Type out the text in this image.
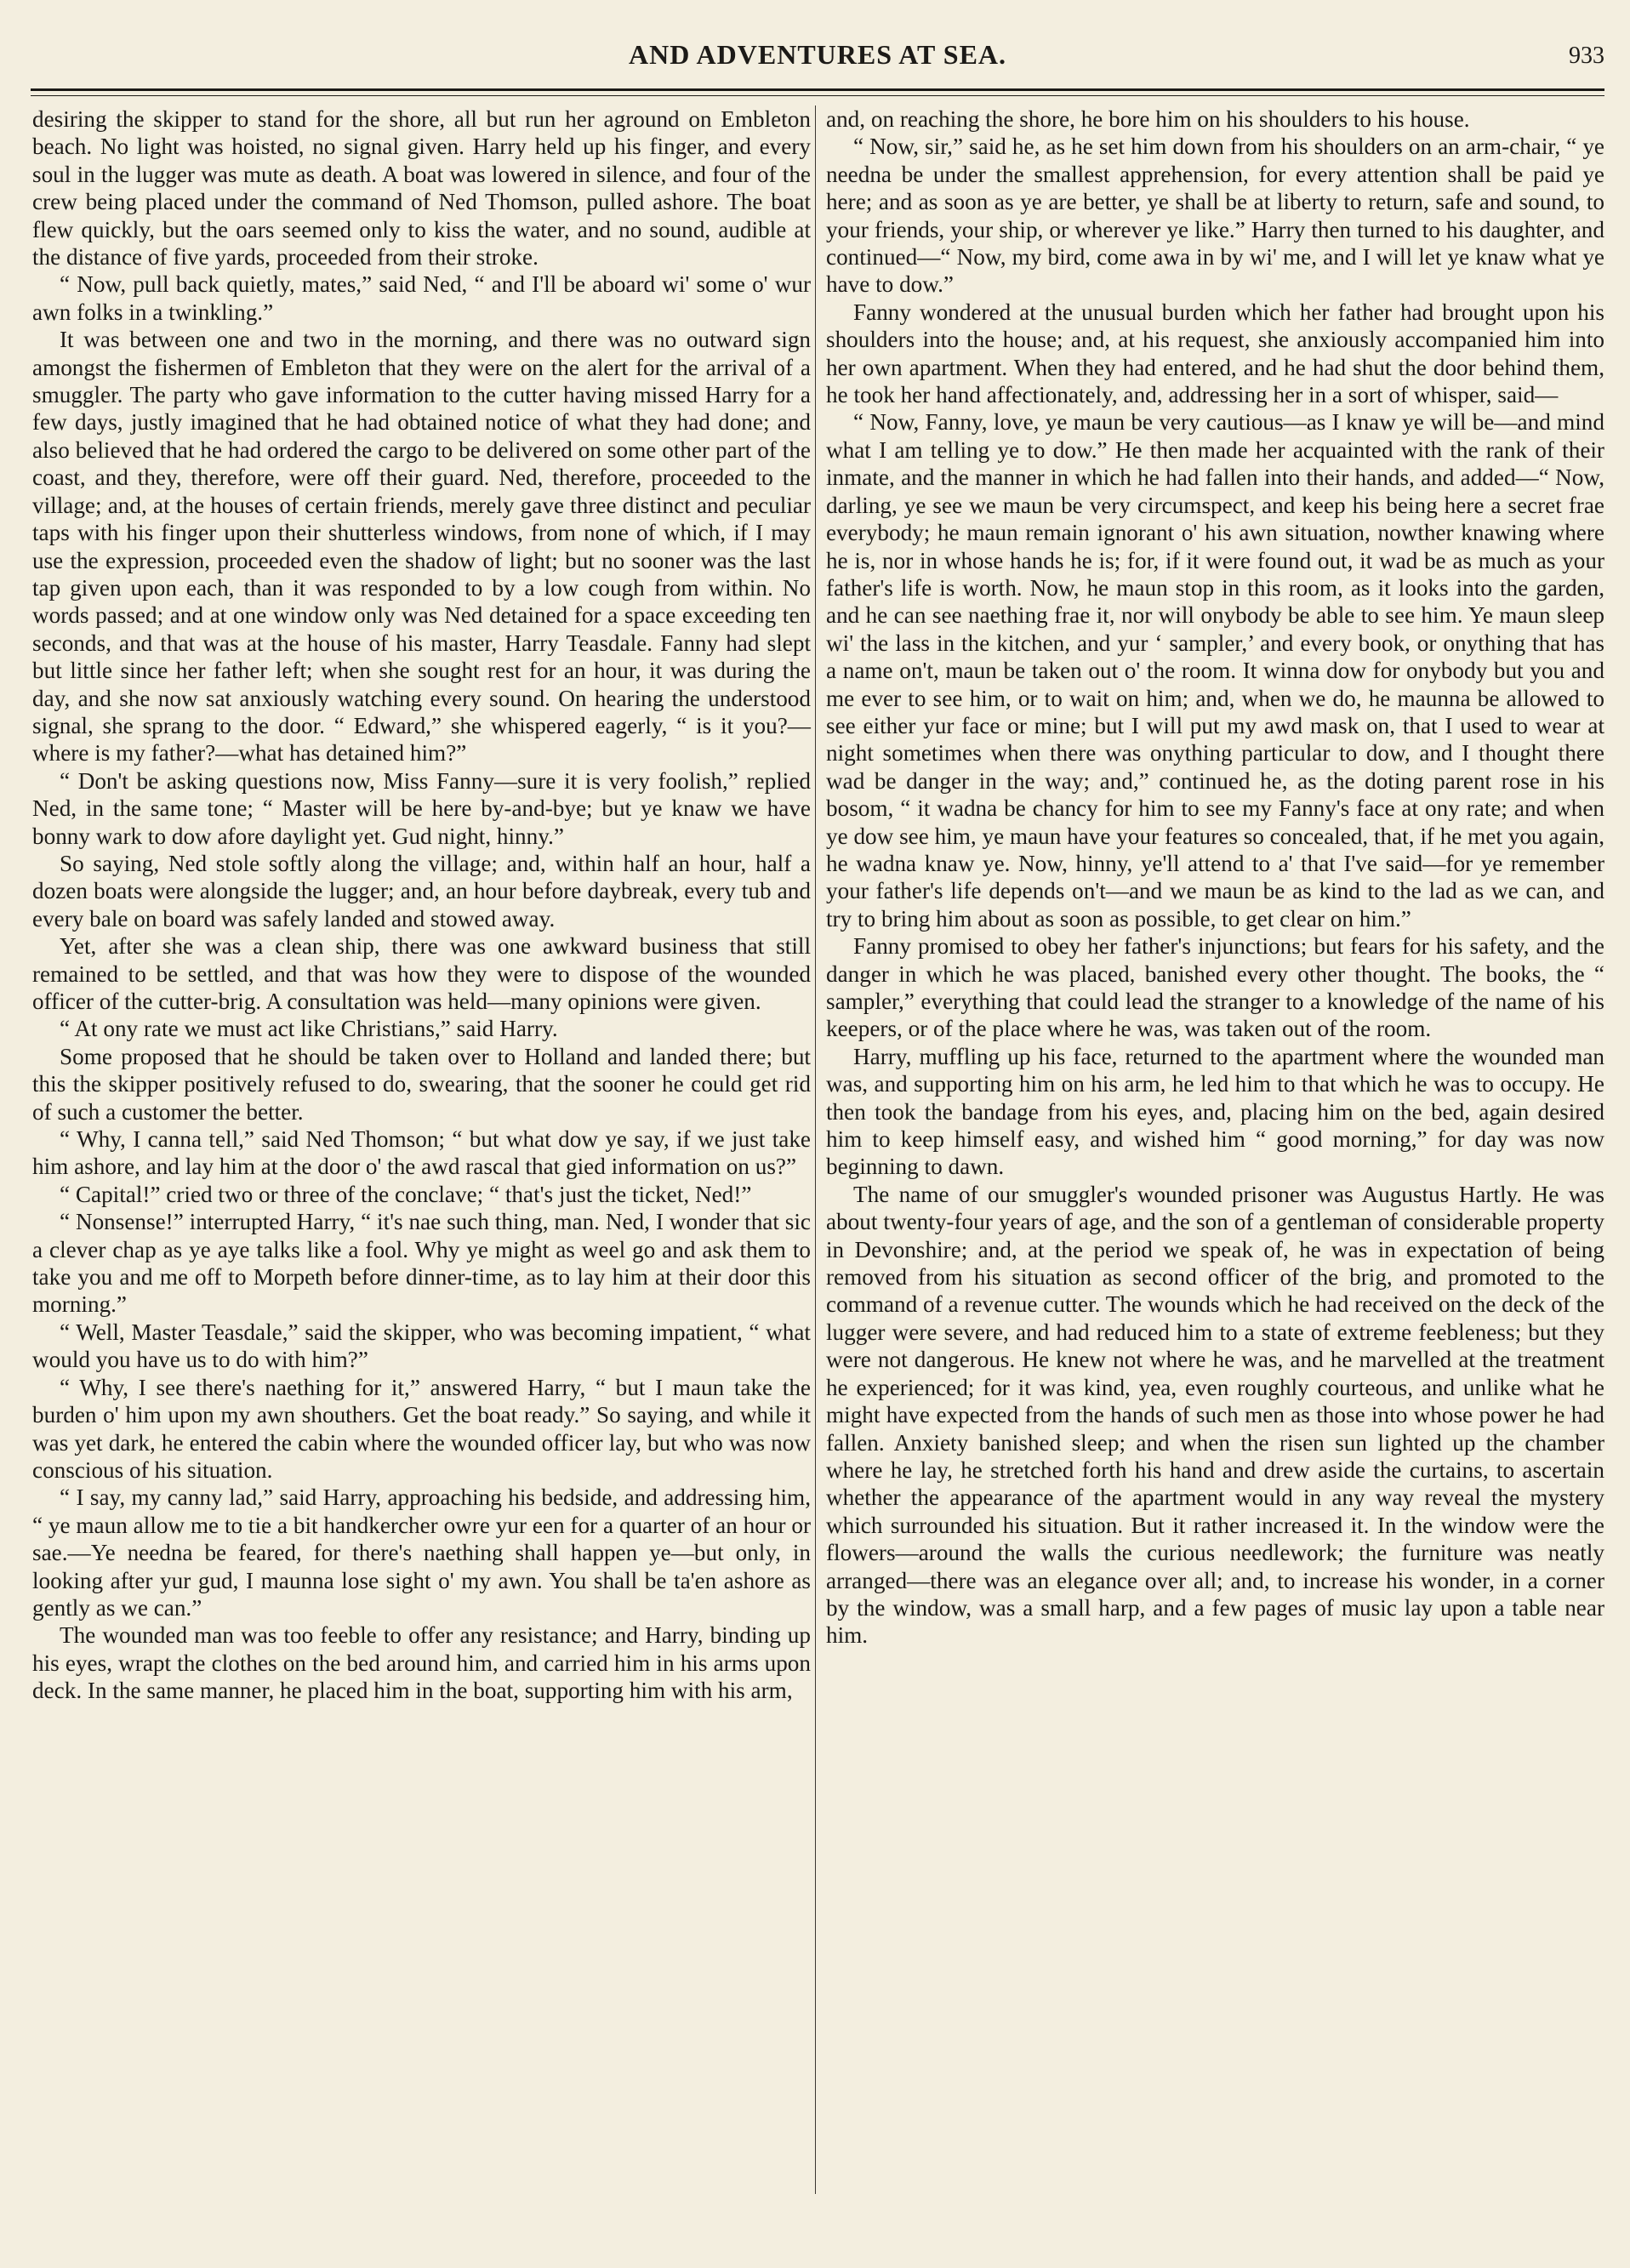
AND ADVENTURES AT SEA.	933

desiring the skipper to stand for the shore, all but run her aground on Embleton beach. No light was hoisted, no signal given. Harry held up his finger, and every soul in the lugger was mute as death. A boat was lowered in silence, and four of the crew being placed under the command of Ned Thomson, pulled ashore. The boat flew quickly, but the oars seemed only to kiss the water, and no sound, audible at the distance of five yards, proceeded from their stroke.

“ Now, pull back quietly, mates,” said Ned, “ and I'll be aboard wi' some o' wur awn folks in a twinkling.”

It was between one and two in the morning, and there was no outward sign amongst the fishermen of Embleton that they were on the alert for the arrival of a smuggler. The party who gave information to the cutter having missed Harry for a few days, justly imagined that he had obtained notice of what they had done; and also believed that he had ordered the cargo to be delivered on some other part of the coast, and they, therefore, were off their guard. Ned, therefore, proceeded to the village; and, at the houses of certain friends, merely gave three distinct and peculiar taps with his finger upon their shutterless windows, from none of which, if I may use the expression, proceeded even the shadow of light; but no sooner was the last tap given upon each, than it was responded to by a low cough from within. No words passed; and at one window only was Ned detained for a space exceeding ten seconds, and that was at the house of his master, Harry Teasdale. Fanny had slept but little since her father left; when she sought rest for an hour, it was during the day, and she now sat anxiously watching every sound. On hearing the understood signal, she sprang to the door. “ Edward,” she whispered eagerly, “ is it you?—where is my father?—what has detained him?”

“ Don't be asking questions now, Miss Fanny—sure it is very foolish,” replied Ned, in the same tone; “ Master will be here by-and-bye; but ye knaw we have bonny wark to dow afore daylight yet. Gud night, hinny.”

So saying, Ned stole softly along the village; and, within half an hour, half a dozen boats were alongside the lugger; and, an hour before daybreak, every tub and every bale on board was safely landed and stowed away.

Yet, after she was a clean ship, there was one awkward business that still remained to be settled, and that was how they were to dispose of the wounded officer of the cutter-brig. A consultation was held—many opinions were given.

“ At ony rate we must act like Christians,” said Harry.

Some proposed that he should be taken over to Holland and landed there; but this the skipper positively refused to do, swearing, that the sooner he could get rid of such a customer the better.

“ Why, I canna tell,” said Ned Thomson; “ but what dow ye say, if we just take him ashore, and lay him at the door o' the awd rascal that gied information on us?”

“ Capital!” cried two or three of the conclave; “ that's just the ticket, Ned!”

“ Nonsense!” interrupted Harry, “ it's nae such thing, man. Ned, I wonder that sic a clever chap as ye aye talks like a fool. Why ye might as weel go and ask them to take you and me off to Morpeth before dinner-time, as to lay him at their door this morning.”

“ Well, Master Teasdale,” said the skipper, who was becoming impatient, “ what would you have us to do with him?”

“ Why, I see there's naething for it,” answered Harry, “ but I maun take the burden o' him upon my awn shouthers. Get the boat ready.” So saying, and while it was yet dark, he entered the cabin where the wounded officer lay, but who was now conscious of his situation.

“ I say, my canny lad,” said Harry, approaching his bedside, and addressing him, “ ye maun allow me to tie a bit handkercher owre yur een for a quarter of an hour or sae.—Ye needna be feared, for there's naething shall happen ye—but only, in looking after yur gud, I maunna lose sight o' my awn. You shall be ta'en ashore as gently as we can.”

The wounded man was too feeble to offer any resistance; and Harry, binding up his eyes, wrapt the clothes on the bed around him, and carried him in his arms upon deck. In the same manner, he placed him in the boat, supporting him with his arm,

and, on reaching the shore, he bore him on his shoulders to his house.

“ Now, sir,” said he, as he set him down from his shoulders on an arm-chair, “ ye needna be under the smallest apprehension, for every attention shall be paid ye here; and as soon as ye are better, ye shall be at liberty to return, safe and sound, to your friends, your ship, or wherever ye like.” Harry then turned to his daughter, and continued—“ Now, my bird, come awa in by wi' me, and I will let ye knaw what ye have to dow.”

Fanny wondered at the unusual burden which her father had brought upon his shoulders into the house; and, at his request, she anxiously accompanied him into her own apartment. When they had entered, and he had shut the door behind them, he took her hand affectionately, and, addressing her in a sort of whisper, said—

“ Now, Fanny, love, ye maun be very cautious—as I knaw ye will be—and mind what I am telling ye to dow.” He then made her acquainted with the rank of their inmate, and the manner in which he had fallen into their hands, and added—“ Now, darling, ye see we maun be very circumspect, and keep his being here a secret frae everybody; he maun remain ignorant o' his awn situation, nowther knawing where he is, nor in whose hands he is; for, if it were found out, it wad be as much as your father's life is worth. Now, he maun stop in this room, as it looks into the garden, and he can see naething frae it, nor will onybody be able to see him. Ye maun sleep wi' the lass in the kitchen, and yur ‘ sampler,’ and every book, or onything that has a name on't, maun be taken out o' the room. It winna dow for onybody but you and me ever to see him, or to wait on him; and, when we do, he maunna be allowed to see either yur face or mine; but I will put my awd mask on, that I used to wear at night sometimes when there was onything particular to dow, and I thought there wad be danger in the way; and,” continued he, as the doting parent rose in his bosom, “ it wadna be chancy for him to see my Fanny's face at ony rate; and when ye dow see him, ye maun have your features so concealed, that, if he met you again, he wadna knaw ye. Now, hinny, ye'll attend to a' that I've said—for ye remember your father's life depends on't—and we maun be as kind to the lad as we can, and try to bring him about as soon as possible, to get clear on him.”

Fanny promised to obey her father's injunctions; but fears for his safety, and the danger in which he was placed, banished every other thought. The books, the “ sampler,” everything that could lead the stranger to a knowledge of the name of his keepers, or of the place where he was, was taken out of the room.

Harry, muffling up his face, returned to the apartment where the wounded man was, and supporting him on his arm, he led him to that which he was to occupy. He then took the bandage from his eyes, and, placing him on the bed, again desired him to keep himself easy, and wished him “ good morning,” for day was now beginning to dawn.

The name of our smuggler's wounded prisoner was Augustus Hartly. He was about twenty-four years of age, and the son of a gentleman of considerable property in Devonshire; and, at the period we speak of, he was in expectation of being removed from his situation as second officer of the brig, and promoted to the command of a revenue cutter. The wounds which he had received on the deck of the lugger were severe, and had reduced him to a state of extreme feebleness; but they were not dangerous. He knew not where he was, and he marvelled at the treatment he experienced; for it was kind, yea, even roughly courteous, and unlike what he might have expected from the hands of such men as those into whose power he had fallen. Anxiety banished sleep; and when the risen sun lighted up the chamber where he lay, he stretched forth his hand and drew aside the curtains, to ascertain whether the appearance of the apartment would in any way reveal the mystery which surrounded his situation. But it rather increased it. In the window were the flowers—around the walls the curious needlework; the furniture was neatly arranged—there was an elegance over all; and, to increase his wonder, in a corner by the window, was a small harp, and a few pages of music lay upon a table near him.
